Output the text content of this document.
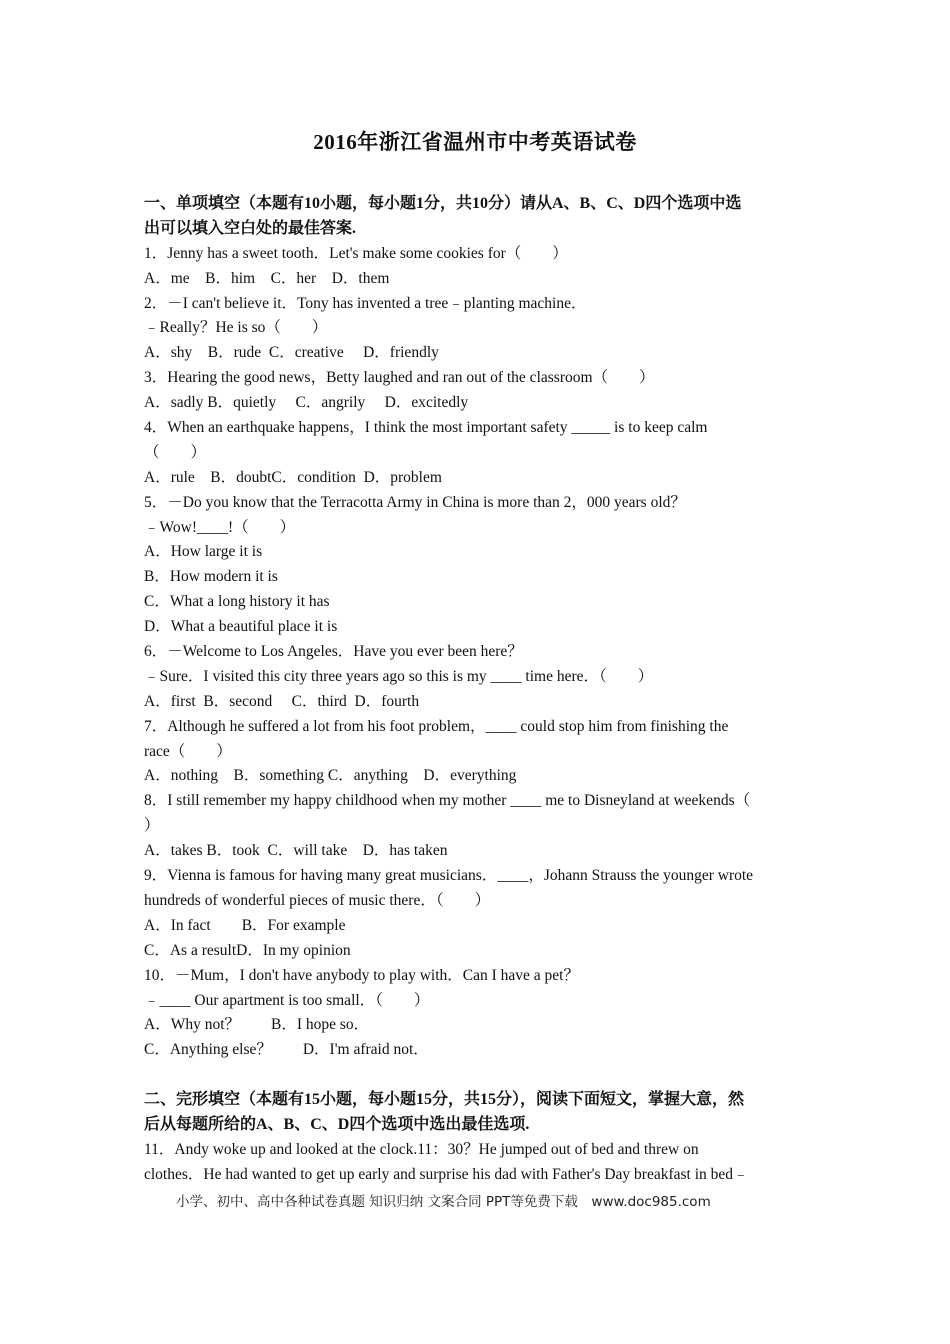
2016年浙江省温州市中考英语试卷
一、单项填空（本题有10小题，每小题1分，共10分）请从A、B、C、D四个选项中选
出可以填入空白处的最佳答案.
1．Jenny has a sweet tooth．Let's make some cookies for（　　）
A．me　B．him　C．her　D．them
2．－I can't believe it．Tony has invented a tree﹣planting machine．
﹣Really？He is so（　　）
A．shy　B．rude  C．creative　 D．friendly
3．Hearing the good news，Betty laughed and ran out of the classroom（　　）
A．sadly B．quietly　 C．angrily　 D．excitedly
4．When an earthquake happens，I think the most important safety _____ is to keep calm
（　　）
A．rule　B．doubtC．condition  D．problem
5．－Do you know that the Terracotta Army in China is more than 2，000 years old？
﹣Wow!____!（　　）
A．How large it is
B．How modern it is
C．What a long history it has
D．What a beautiful place it is
6．－Welcome to Los Angeles．Have you ever been here？
﹣Sure．I visited this city three years ago so this is my ____ time here．（　　）
A．first  B．second　 C．third  D．fourth
7．Although he suffered a lot from his foot problem，____ could stop him from finishing the
race（　　）
A．nothing　B．something C．anything　D．everything
8．I still remember my happy childhood when my mother ____ me to Disneyland at weekends（
）
A．takes B．took  C．will take　D．has taken
9．Vienna is famous for having many great musicians．____，Johann Strauss the younger wrote
hundreds of wonderful pieces of music there．（　　）
A．In fact　　B．For example
C．As a resultD．In my opinion
10．－Mum，I don't have anybody to play with．Can I have a pet？
﹣____ Our apartment is too small．（　　）
A．Why not？　　B．I hope so．
C．Anything else？　　D．I'm afraid not．
二、完形填空（本题有15小题，每小题15分，共15分），阅读下面短文，掌握大意，然
后从每题所给的A、B、C、D四个选项中选出最佳选项.
11．Andy woke up and looked at the clock.11：30？He jumped out of bed and threw on
clothes．He had wanted to get up early and surprise his dad with Father's Day breakfast in bed﹣
小学、初中、高中各种试卷真题 知识归纳 文案合同 PPT等免费下载　www.doc985.com
